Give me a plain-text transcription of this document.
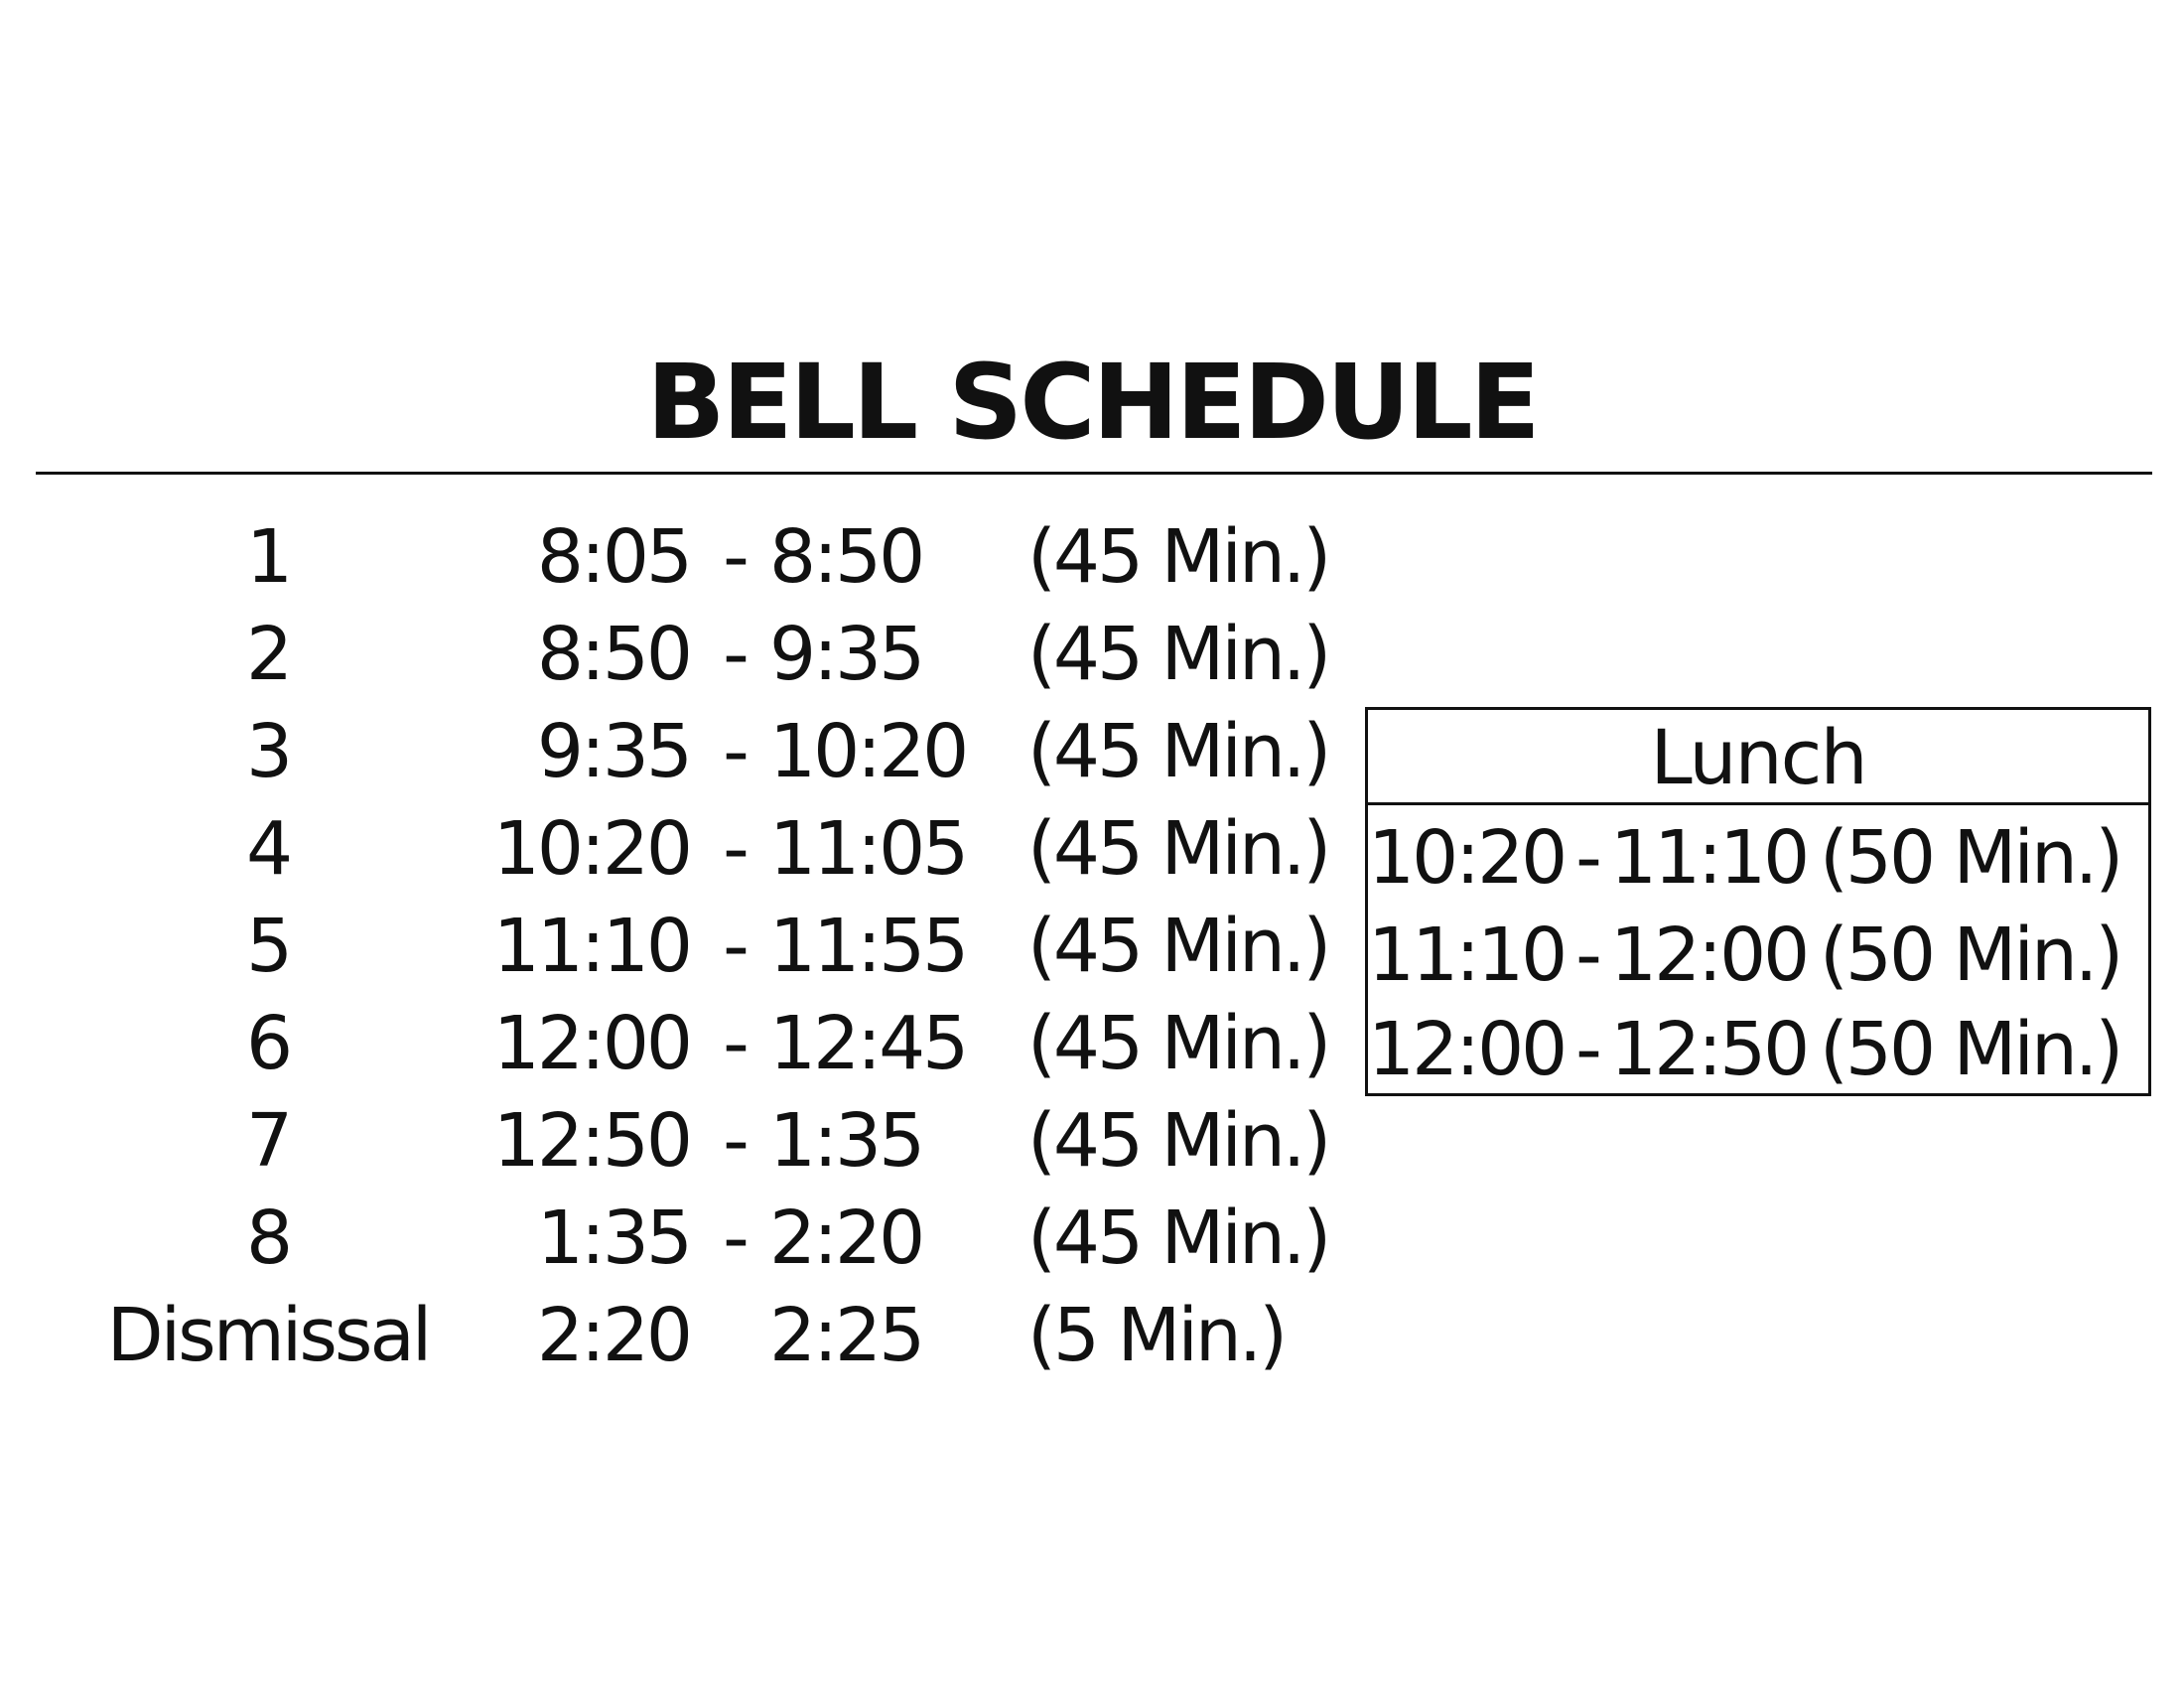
BELL SCHEDULE
1	8:05 - 8:50	(45 Min.)
2	8:50 - 9:35	(45 Min.)
3	9:35 - 10:20 (45 Min.)
4	10:20 - 11:05 (45 Min.)
5	11:10 - 11:55 (45 Min.)
6	12:00 - 12:45 (45 Min.)
7	12:50 - 1:35	(45 Min.)
8	1:35 - 2:20	(45 Min.)
Dismissal	2:20 2:25	(5 Min.)
Lunch
10:20 - 11:10 (50 Min.)
11:10 - 12:00 (50 Min.)
12:00 - 12:50 (50 Min.)
